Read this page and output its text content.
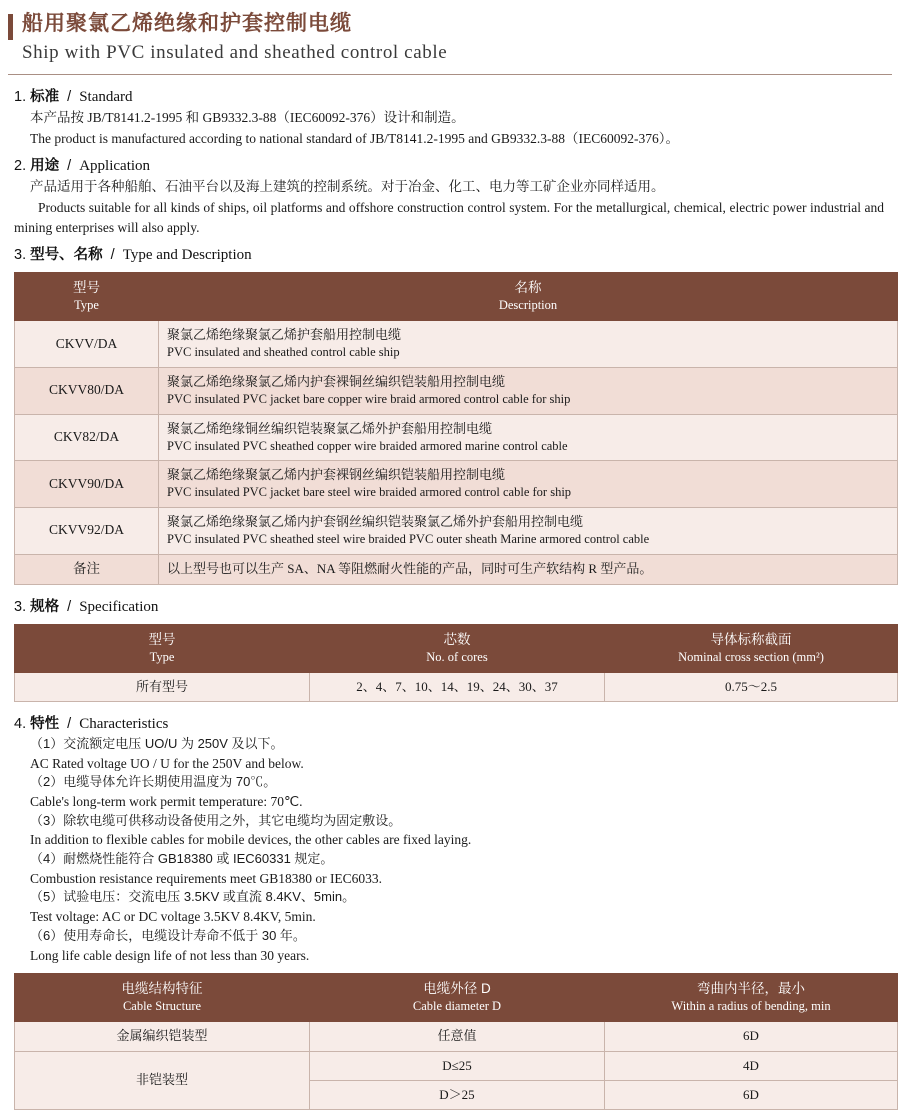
船用聚氯乙烯绝缘和护套控制电缆
Ship with PVC insulated and sheathed control cable
1. 标准 / Standard
本产品按 JB/T8141.2-1995 和 GB9332.3-88（IEC60092-376）设计和制造。
The product is manufactured according to national standard of JB/T8141.2-1995 and GB9332.3-88（IEC60092-376）。
2. 用途 / Application
产品适用于各种船舶、石油平台以及海上建筑的控制系统。对于冶金、化工、电力等工矿企业亦同样适用。
Products suitable for all kinds of ships, oil platforms and offshore construction control system. For the metallurgical, chemical, electric power industrial and mining enterprises will also apply.
3. 型号、名称 / Type and Description
型号
Type	名称
Description

CKVV/DA	聚氯乙烯绝缘聚氯乙烯护套船用控制电缆
PVC insulated and sheathed control cable ship

CKVV80/DA	聚氯乙烯绝缘聚氯乙烯内护套裸铜丝编织铠装船用控制电缆
PVC insulated PVC jacket bare copper wire braid armored control cable for ship

CKV82/DA	聚氯乙烯绝缘铜丝编织铠装聚氯乙烯外护套船用控制电缆
PVC insulated PVC sheathed copper wire braided armored marine control cable

CKVV90/DA	聚氯乙烯绝缘聚氯乙烯内护套裸钢丝编织铠装船用控制电缆
PVC insulated PVC jacket bare steel wire braided armored control cable for ship

CKVV92/DA	聚氯乙烯绝缘聚氯乙烯内护套钢丝编织铠装聚氯乙烯外护套船用控制电缆
PVC insulated PVC sheathed steel wire braided PVC outer sheath Marine armored control cable

备注	以上型号也可以生产 SA、NA 等阻燃耐火性能的产品，同时可生产软结构 R 型产品。
3. 规格 / Specification
型号
Type	芯数
No. of cores	导体标称截面
Nominal cross section (mm²)

所有型号	2、4、7、10、14、19、24、30、37	0.75～2.5
4. 特性 / Characteristics
（1）交流额定电压 UO/U 为 250V 及以下。
AC Rated voltage UO / U for the 250V and below.
（2）电缆导体允许长期使用温度为 70℃。
Cable's long-term work permit temperature: 70℃.
（3）除软电缆可供移动设备使用之外，其它电缆均为固定敷设。
In addition to flexible cables for mobile devices, the other cables are fixed laying.
（4）耐燃烧性能符合 GB18380 或 IEC60331 规定。
Combustion resistance requirements meet GB18380 or IEC6033.
（5）试验电压：交流电压 3.5KV 或直流 8.4KV、5min。
Test voltage: AC or DC voltage 3.5KV 8.4KV, 5min.
（6）使用寿命长，电缆设计寿命不低于 30 年。
Long life cable design life of not less than 30 years.
电缆结构特征
Cable Structure	电缆外径 D
Cable diameter D	弯曲内半径，最小
Within a radius of bending, min

金属编织铠装型	任意值	6D
非铠装型	D≤25	4D
	D＞25	6D
